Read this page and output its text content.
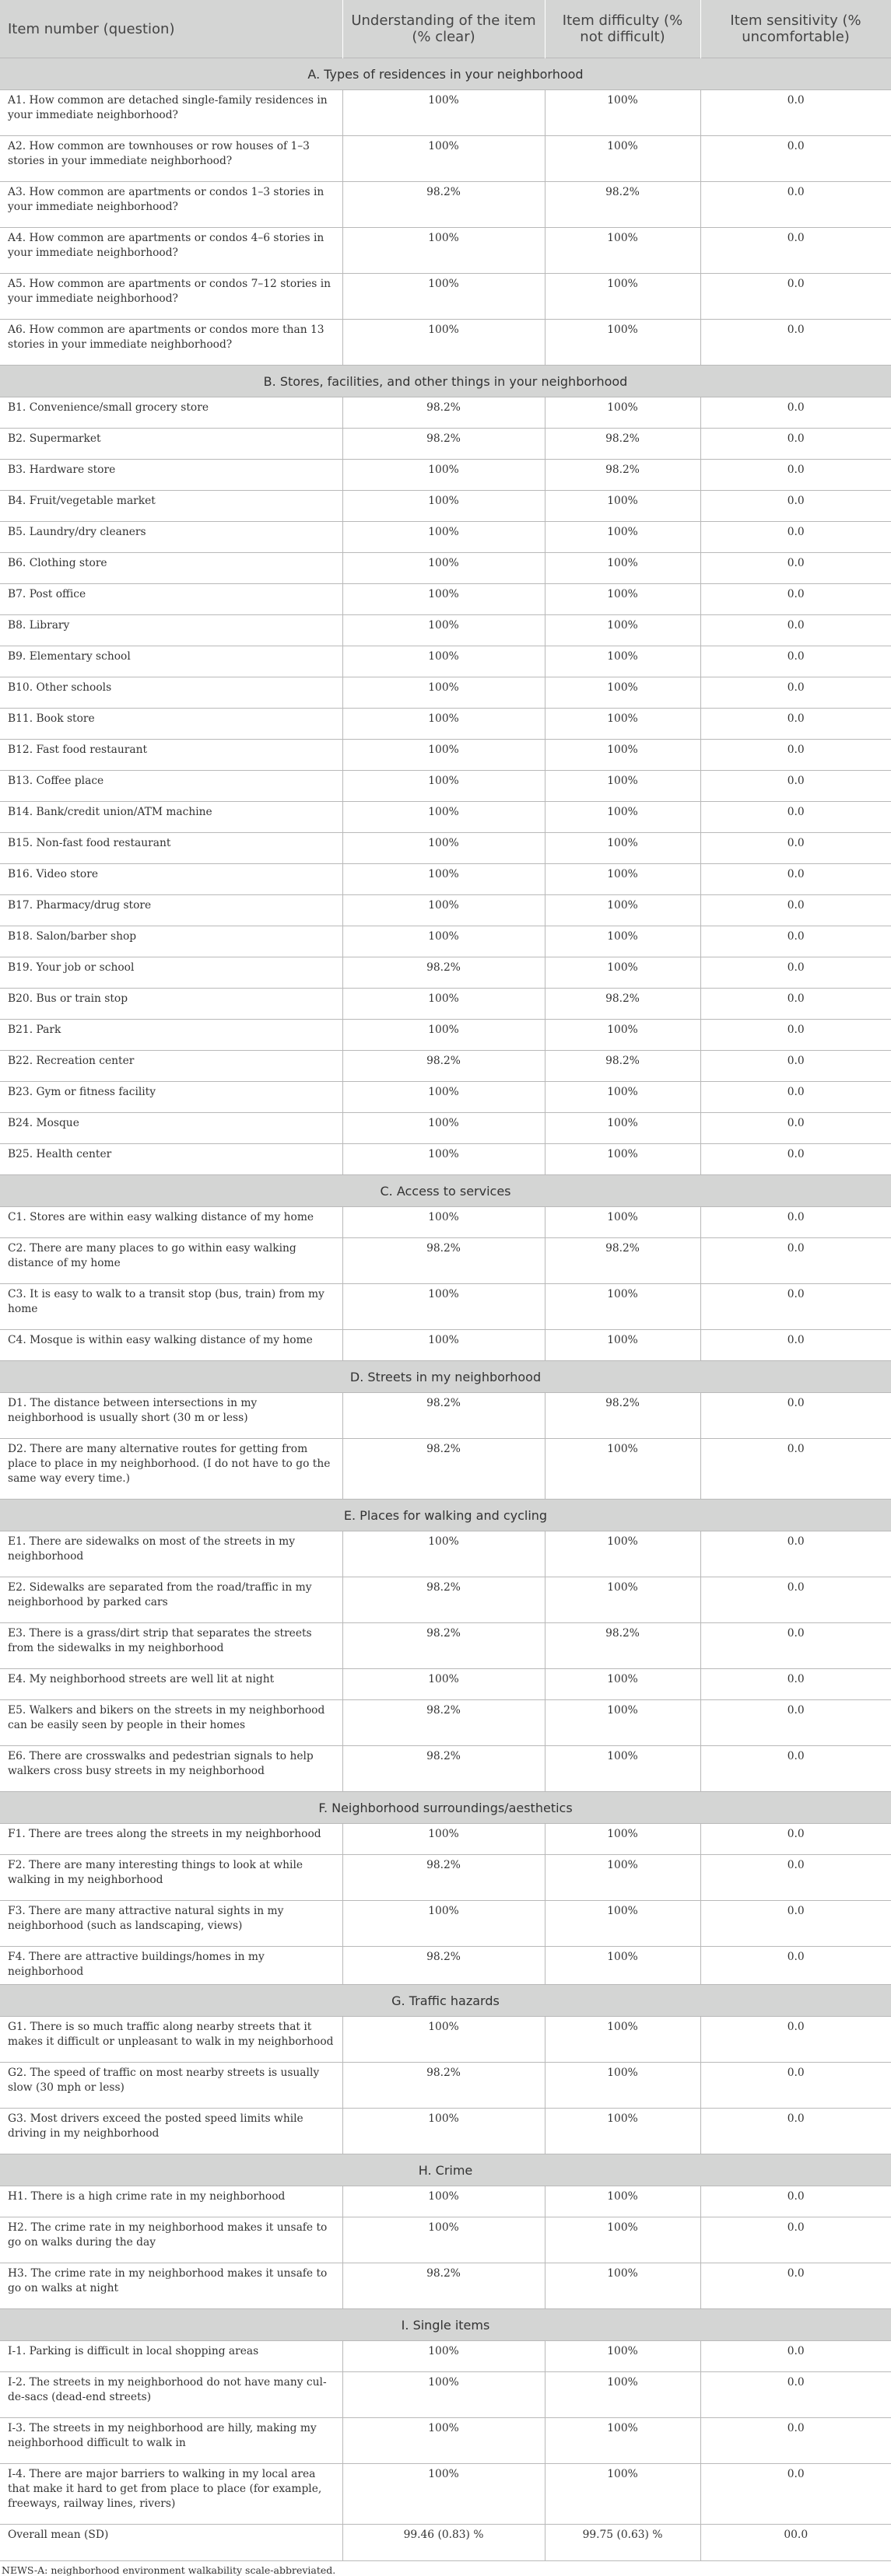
Item number (question)	Understanding of the item (% clear)	Item difficulty (% not difficult)	Item sensitivity (% uncomfortable)
A. Types of residences in your neighborhood			
A1. How common are detached single-family residences in your immediate neighborhood?	100%	100%	0.0
A2. How common are townhouses or row houses of 1–3 stories in your immediate neighborhood?	100%	100%	0.0
A3. How common are apartments or condos 1–3 stories in your immediate neighborhood?	98.2%	98.2%	0.0
A4. How common are apartments or condos 4–6 stories in your immediate neighborhood?	100%	100%	0.0
A5. How common are apartments or condos 7–12 stories in your immediate neighborhood?	100%	100%	0.0
A6. How common are apartments or condos more than 13 stories in your immediate neighborhood?	100%	100%	0.0
B. Stores, facilities, and other things in your neighborhood			
B1. Convenience/small grocery store	98.2%	100%	0.0
B2. Supermarket	98.2%	98.2%	0.0
B3. Hardware store	100%	98.2%	0.0
B4. Fruit/vegetable market	100%	100%	0.0
B5. Laundry/dry cleaners	100%	100%	0.0
B6. Clothing store	100%	100%	0.0
B7. Post office	100%	100%	0.0
B8. Library	100%	100%	0.0
B9. Elementary school	100%	100%	0.0
B10. Other schools	100%	100%	0.0
B11. Book store	100%	100%	0.0
B12. Fast food restaurant	100%	100%	0.0
B13. Coffee place	100%	100%	0.0
B14. Bank/credit union/ATM machine	100%	100%	0.0
B15. Non-fast food restaurant	100%	100%	0.0
B16. Video store	100%	100%	0.0
B17. Pharmacy/drug store	100%	100%	0.0
B18. Salon/barber shop	100%	100%	0.0
B19. Your job or school	98.2%	100%	0.0
B20. Bus or train stop	100%	98.2%	0.0
B21. Park	100%	100%	0.0
B22. Recreation center	98.2%	98.2%	0.0
B23. Gym or fitness facility	100%	100%	0.0
B24. Mosque	100%	100%	0.0
B25. Health center	100%	100%	0.0
C. Access to services			
C1. Stores are within easy walking distance of my home	100%	100%	0.0
C2. There are many places to go within easy walking distance of my home	98.2%	98.2%	0.0
C3. It is easy to walk to a transit stop (bus, train) from my home	100%	100%	0.0
C4. Mosque is within easy walking distance of my home	100%	100%	0.0
D. Streets in my neighborhood			
D1. The distance between intersections in my neighborhood is usually short (30 m or less)	98.2%	98.2%	0.0
D2. There are many alternative routes for getting from place to place in my neighborhood. (I do not have to go the same way every time.)	98.2%	100%	0.0
E. Places for walking and cycling			
E1. There are sidewalks on most of the streets in my neighborhood	100%	100%	0.0
E2. Sidewalks are separated from the road/traffic in my neighborhood by parked cars	98.2%	100%	0.0
E3. There is a grass/dirt strip that separates the streets from the sidewalks in my neighborhood	98.2%	98.2%	0.0
E4. My neighborhood streets are well lit at night	100%	100%	0.0
E5. Walkers and bikers on the streets in my neighborhood can be easily seen by people in their homes	98.2%	100%	0.0
E6. There are crosswalks and pedestrian signals to help walkers cross busy streets in my neighborhood	98.2%	100%	0.0
F. Neighborhood surroundings/aesthetics			
F1. There are trees along the streets in my neighborhood	100%	100%	0.0
F2. There are many interesting things to look at while walking in my neighborhood	98.2%	100%	0.0
F3. There are many attractive natural sights in my neighborhood (such as landscaping, views)	100%	100%	0.0
F4. There are attractive buildings/homes in my neighborhood	98.2%	100%	0.0
G. Traffic hazards			
G1. There is so much traffic along nearby streets that it makes it difficult or unpleasant to walk in my neighborhood	100%	100%	0.0
G2. The speed of traffic on most nearby streets is usually slow (30 mph or less)	98.2%	100%	0.0
G3. Most drivers exceed the posted speed limits while driving in my neighborhood	100%	100%	0.0
H. Crime			
H1. There is a high crime rate in my neighborhood	100%	100%	0.0
H2. The crime rate in my neighborhood makes it unsafe to go on walks during the day	100%	100%	0.0
H3. The crime rate in my neighborhood makes it unsafe to go on walks at night	98.2%	100%	0.0
I. Single items			
I-1. Parking is difficult in local shopping areas	100%	100%	0.0
I-2. The streets in my neighborhood do not have many cul-de-sacs (dead-end streets)	100%	100%	0.0
I-3. The streets in my neighborhood are hilly, making my neighborhood difficult to walk in	100%	100%	0.0
I-4. There are major barriers to walking in my local area that make it hard to get from place to place (for example, freeways, railway lines, rivers)	100%	100%	0.0
Overall mean (SD)	99.46 (0.83) %	99.75 (0.63) %	00.0
NEWS-A: neighborhood environment walkability scale-abbreviated.
